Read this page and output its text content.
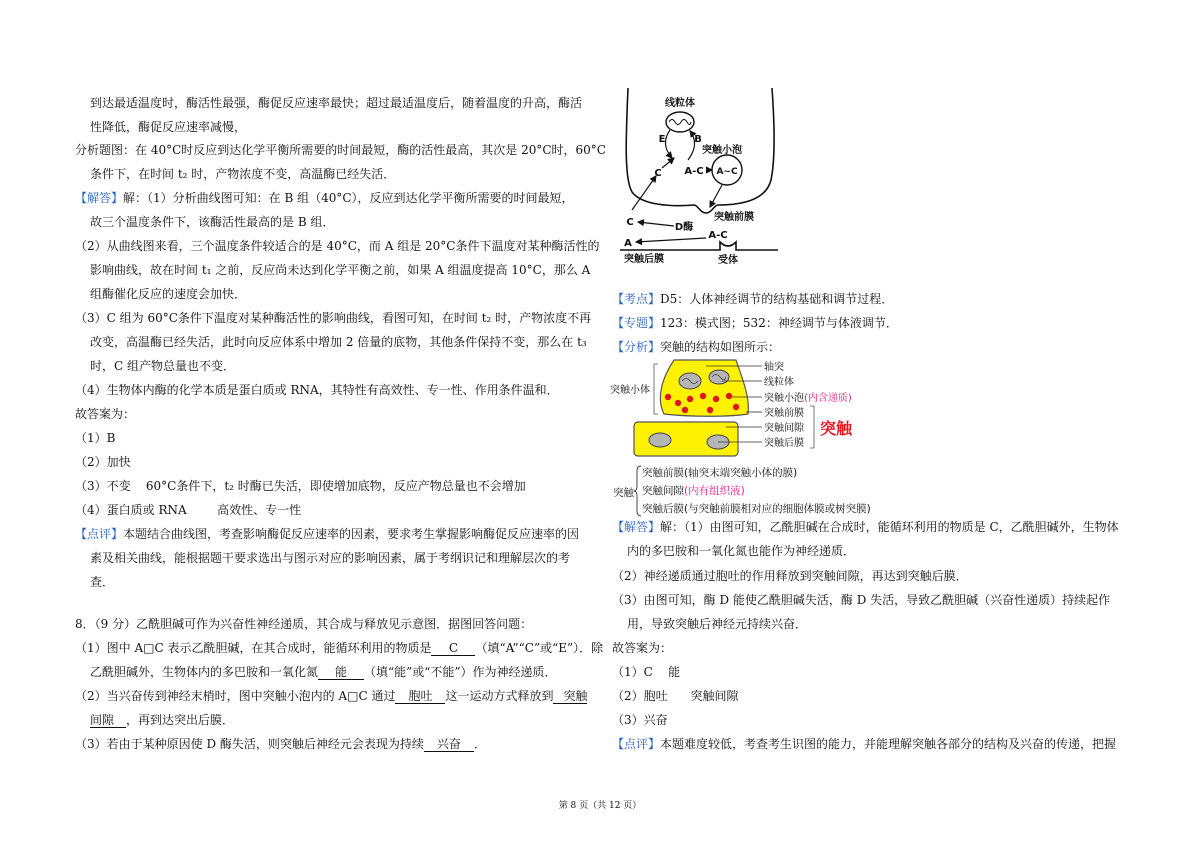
到达最适温度时，酶活性最强，酶促反应速率最快；超过最适温度后，随着温度的升高，酶活
性降低，酶促反应速率减慢，
分析题图：在 40°C时反应到达化学平衡所需要的时间最短，酶的活性最高，其次是 20°C时，60°C
条件下，在时间 t₂ 时，产物浓度不变，高温酶已经失活．
【解答】解：（1）分析曲线图可知：在 B 组（40°C），反应到达化学平衡所需要的时间最短，
故三个温度条件下，该酶活性最高的是 B 组．
（2）从曲线图来看，三个温度条件较适合的是 40°C，而 A 组是 20°C条件下温度对某种酶活性的
影响曲线，故在时间 t₁ 之前，反应尚未达到化学平衡之前，如果 A 组温度提高 10°C，那么 A
组酶催化反应的速度会加快．
（3）C 组为 60°C条件下温度对某种酶活性的影响曲线，看图可知，在时间 t₂ 时，产物浓度不再
改变，高温酶已经失活，此时向反应体系中增加 2 倍量的底物，其他条件保持不变，那么在 t₃
时，C 组产物总量也不变．
（4）生物体内酶的化学本质是蛋白质或 RNA，其特性有高效性、专一性、作用条件温和．
故答案为：
（1）B
（2）加快
（3）不变    60°C条件下，t₂ 时酶已失活，即使增加底物，反应产物总量也不会增加
（4）蛋白质或 RNA        高效性、专一性
【点评】本题结合曲线图，考查影响酶促反应速率的因素，要求考生掌握影响酶促反应速率的因
素及相关曲线，能根据题干要求选出与图示对应的影响因素，属于考纲识记和理解层次的考
查．
8．（9 分）乙酰胆碱可作为兴奋性神经递质，其合成与释放见示意图．据图回答问题：
（1）图中 A□C 表示乙酰胆碱，在其合成时，能循环利用的物质是 C （填“A”“C”或“E”）．除
乙酰胆碱外，生物体内的多巴胺和一氧化氮 能 （填“能”或“不能”）作为神经递质．
（2）当兴奋传到神经末梢时，图中突触小泡内的 A□C 通过 胞吐 这一运动方式释放到 突触
间隙 ，再到达突出后膜．
（3）若由于某种原因使 D 酶失活，则突触后神经元会表现为持续 兴奋 ．
线粒体
E	B
突触小泡
C A-C A~C
突触前膜
C	D酶
A-C
A
突触后膜	受体
【考点】D5：人体神经调节的结构基础和调节过程．
【专题】123：模式图；532：神经调节与体液调节．
【分析】突触的结构如图所示：
突触小体
轴突
线粒体
突触小泡(内含递质)
突触前膜
突触间隙
突触后膜
突触
突触
突触前膜(轴突末端突触小体的膜)
突触间隙(内有组织液)
突触后膜(与突触前膜相对应的细胞体膜或树突膜)
【解答】解：（1）由图可知，乙酰胆碱在合成时，能循环利用的物质是 C，乙酰胆碱外，生物体
内的多巴胺和一氧化氮也能作为神经递质．
（2）神经递质通过胞吐的作用释放到突触间隙，再达到突触后膜．
（3）由图可知，酶 D 能使乙酰胆碱失活，酶 D 失活，导致乙酰胆碱（兴奋性递质）持续起作
用，导致突触后神经元持续兴奋．
故答案为：
（1）C    能
（2）胞吐      突触间隙
（3）兴奋
【点评】本题难度较低，考查考生识图的能力，并能理解突触各部分的结构及兴奋的传递，把握
第 8 页（共 12 页）
